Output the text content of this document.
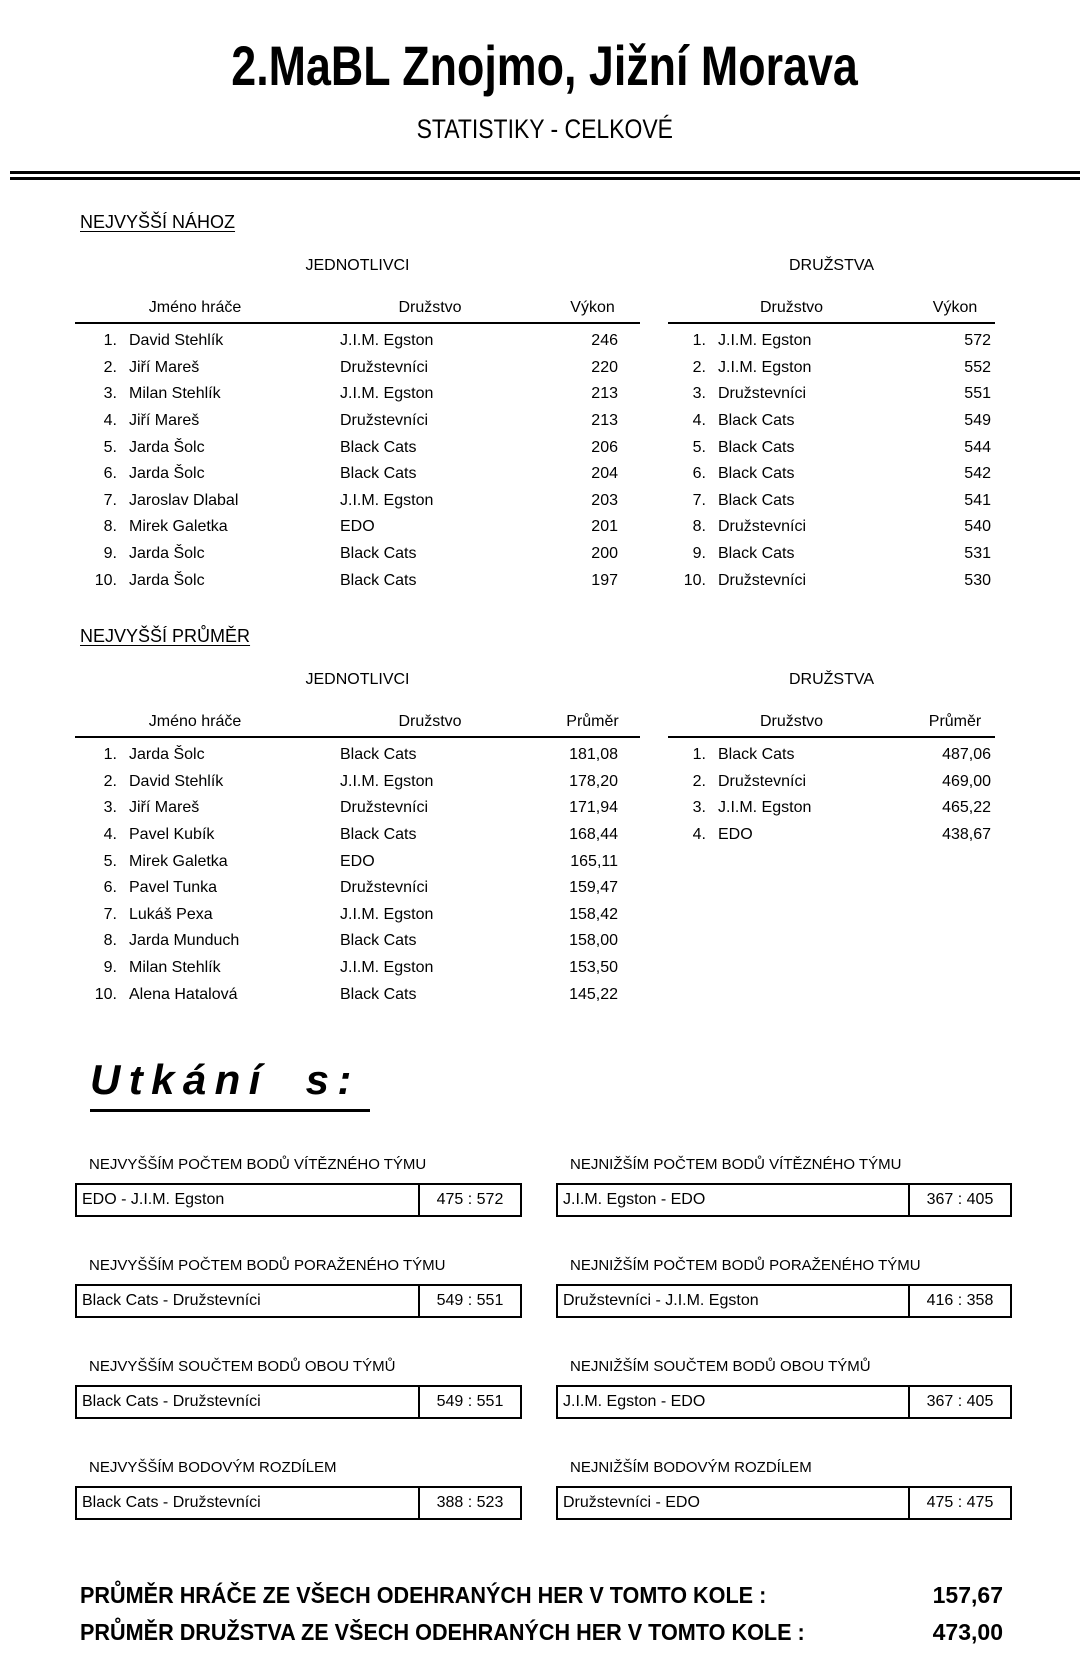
2.MaBL Znojmo, Jižní Morava
STATISTIKY - CELKOVÉ
NEJVYŠŠÍ NÁHOZ
JEDNOTLIVCI
Jméno hráče	Družstvo	Výkon
1. David Stehlík	J.I.M. Egston	246
2. Jiří Mareš	Družstevníci	220
3. Milan Stehlík	J.I.M. Egston	213
4. Jiří Mareš	Družstevníci	213
5. Jarda Šolc	Black Cats	206
6. Jarda Šolc	Black Cats	204
7. Jaroslav Dlabal	J.I.M. Egston	203
8. Mirek Galetka	EDO	201
9. Jarda Šolc	Black Cats	200
10. Jarda Šolc	Black Cats	197
DRUŽSTVA
Družstvo	Výkon
1. J.I.M. Egston	572
2. J.I.M. Egston	552
3. Družstevníci	551
4. Black Cats	549
5. Black Cats	544
6. Black Cats	542
7. Black Cats	541
8. Družstevníci	540
9. Black Cats	531
10. Družstevníci	530
NEJVYŠŠÍ PRŮMĚR
JEDNOTLIVCI
Jméno hráče	Družstvo	Průměr
1. Jarda Šolc	Black Cats	181,08
2. David Stehlík	J.I.M. Egston	178,20
3. Jiří Mareš	Družstevníci	171,94
4. Pavel Kubík	Black Cats	168,44
5. Mirek Galetka	EDO	165,11
6. Pavel Tunka	Družstevníci	159,47
7. Lukáš Pexa	J.I.M. Egston	158,42
8. Jarda Munduch	Black Cats	158,00
9. Milan Stehlík	J.I.M. Egston	153,50
10. Alena Hatalová	Black Cats	145,22
DRUŽSTVA
Družstvo	Průměr
1. Black Cats	487,06
2. Družstevníci	469,00
3. J.I.M. Egston	465,22
4. EDO	438,67
Utkání s:
NEJVYŠŠÍM POČTEM BODŮ VÍTĚZNÉHO TÝMU
EDO - J.I.M. Egston	475 : 572
NEJNIŽŠÍM POČTEM BODŮ VÍTĚZNÉHO TÝMU
J.I.M. Egston - EDO	367 : 405
NEJVYŠŠÍM POČTEM BODŮ PORAŽENÉHO TÝMU
Black Cats - Družstevníci	549 : 551
NEJNIŽŠÍM POČTEM BODŮ PORAŽENÉHO TÝMU
Družstevníci - J.I.M. Egston	416 : 358
NEJVYŠŠÍM SOUČTEM BODŮ OBOU TÝMŮ
Black Cats - Družstevníci	549 : 551
NEJNIŽŠÍM SOUČTEM BODŮ OBOU TÝMŮ
J.I.M. Egston - EDO	367 : 405
NEJVYŠŠÍM BODOVÝM ROZDÍLEM
Black Cats - Družstevníci	388 : 523
NEJNIŽŠÍM BODOVÝM ROZDÍLEM
Družstevníci - EDO	475 : 475
PRŮMĚR HRÁČE ZE VŠECH ODEHRANÝCH HER V TOMTO KOLE :	157,67
PRŮMĚR DRUŽSTVA ZE VŠECH ODEHRANÝCH HER V TOMTO KOLE :	473,00
